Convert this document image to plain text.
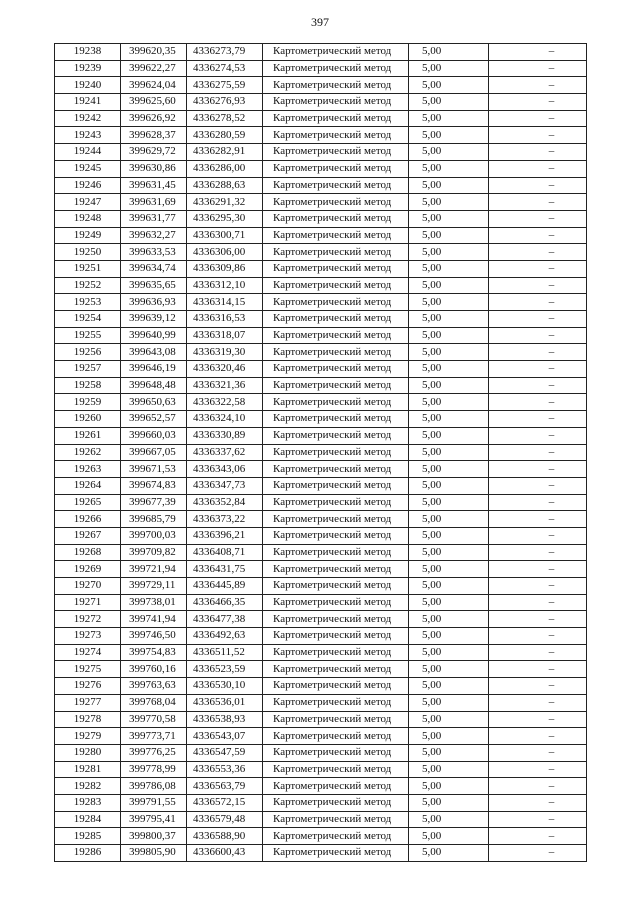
397
19238	399620,35	4336273,79	Картометрический метод	5,00	–
19239	399622,27	4336274,53	Картометрический метод	5,00	–
19240	399624,04	4336275,59	Картометрический метод	5,00	–
19241	399625,60	4336276,93	Картометрический метод	5,00	–
19242	399626,92	4336278,52	Картометрический метод	5,00	–
19243	399628,37	4336280,59	Картометрический метод	5,00	–
19244	399629,72	4336282,91	Картометрический метод	5,00	–
19245	399630,86	4336286,00	Картометрический метод	5,00	–
19246	399631,45	4336288,63	Картометрический метод	5,00	–
19247	399631,69	4336291,32	Картометрический метод	5,00	–
19248	399631,77	4336295,30	Картометрический метод	5,00	–
19249	399632,27	4336300,71	Картометрический метод	5,00	–
19250	399633,53	4336306,00	Картометрический метод	5,00	–
19251	399634,74	4336309,86	Картометрический метод	5,00	–
19252	399635,65	4336312,10	Картометрический метод	5,00	–
19253	399636,93	4336314,15	Картометрический метод	5,00	–
19254	399639,12	4336316,53	Картометрический метод	5,00	–
19255	399640,99	4336318,07	Картометрический метод	5,00	–
19256	399643,08	4336319,30	Картометрический метод	5,00	–
19257	399646,19	4336320,46	Картометрический метод	5,00	–
19258	399648,48	4336321,36	Картометрический метод	5,00	–
19259	399650,63	4336322,58	Картометрический метод	5,00	–
19260	399652,57	4336324,10	Картометрический метод	5,00	–
19261	399660,03	4336330,89	Картометрический метод	5,00	–
19262	399667,05	4336337,62	Картометрический метод	5,00	–
19263	399671,53	4336343,06	Картометрический метод	5,00	–
19264	399674,83	4336347,73	Картометрический метод	5,00	–
19265	399677,39	4336352,84	Картометрический метод	5,00	–
19266	399685,79	4336373,22	Картометрический метод	5,00	–
19267	399700,03	4336396,21	Картометрический метод	5,00	–
19268	399709,82	4336408,71	Картометрический метод	5,00	–
19269	399721,94	4336431,75	Картометрический метод	5,00	–
19270	399729,11	4336445,89	Картометрический метод	5,00	–
19271	399738,01	4336466,35	Картометрический метод	5,00	–
19272	399741,94	4336477,38	Картометрический метод	5,00	–
19273	399746,50	4336492,63	Картометрический метод	5,00	–
19274	399754,83	4336511,52	Картометрический метод	5,00	–
19275	399760,16	4336523,59	Картометрический метод	5,00	–
19276	399763,63	4336530,10	Картометрический метод	5,00	–
19277	399768,04	4336536,01	Картометрический метод	5,00	–
19278	399770,58	4336538,93	Картометрический метод	5,00	–
19279	399773,71	4336543,07	Картометрический метод	5,00	–
19280	399776,25	4336547,59	Картометрический метод	5,00	–
19281	399778,99	4336553,36	Картометрический метод	5,00	–
19282	399786,08	4336563,79	Картометрический метод	5,00	–
19283	399791,55	4336572,15	Картометрический метод	5,00	–
19284	399795,41	4336579,48	Картометрический метод	5,00	–
19285	399800,37	4336588,90	Картометрический метод	5,00	–
19286	399805,90	4336600,43	Картометрический метод	5,00	–
